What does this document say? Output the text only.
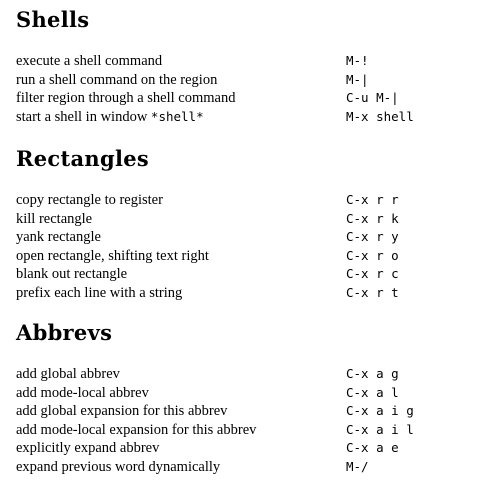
Shells
execute a shell command	M-!
run a shell command on the region	M-|
filter region through a shell command	C-u M-|
start a shell in window *shell*	M-x shell
Rectangles
copy rectangle to register	C-x r r
kill rectangle	C-x r k
yank rectangle	C-x r y
open rectangle, shifting text right	C-x r o
blank out rectangle	C-x r c
prefix each line with a string	C-x r t
Abbrevs
add global abbrev	C-x a g
add mode-local abbrev	C-x a l
add global expansion for this abbrev	C-x a i g
add mode-local expansion for this abbrev	C-x a i l
explicitly expand abbrev	C-x a e
expand previous word dynamically	M-/
